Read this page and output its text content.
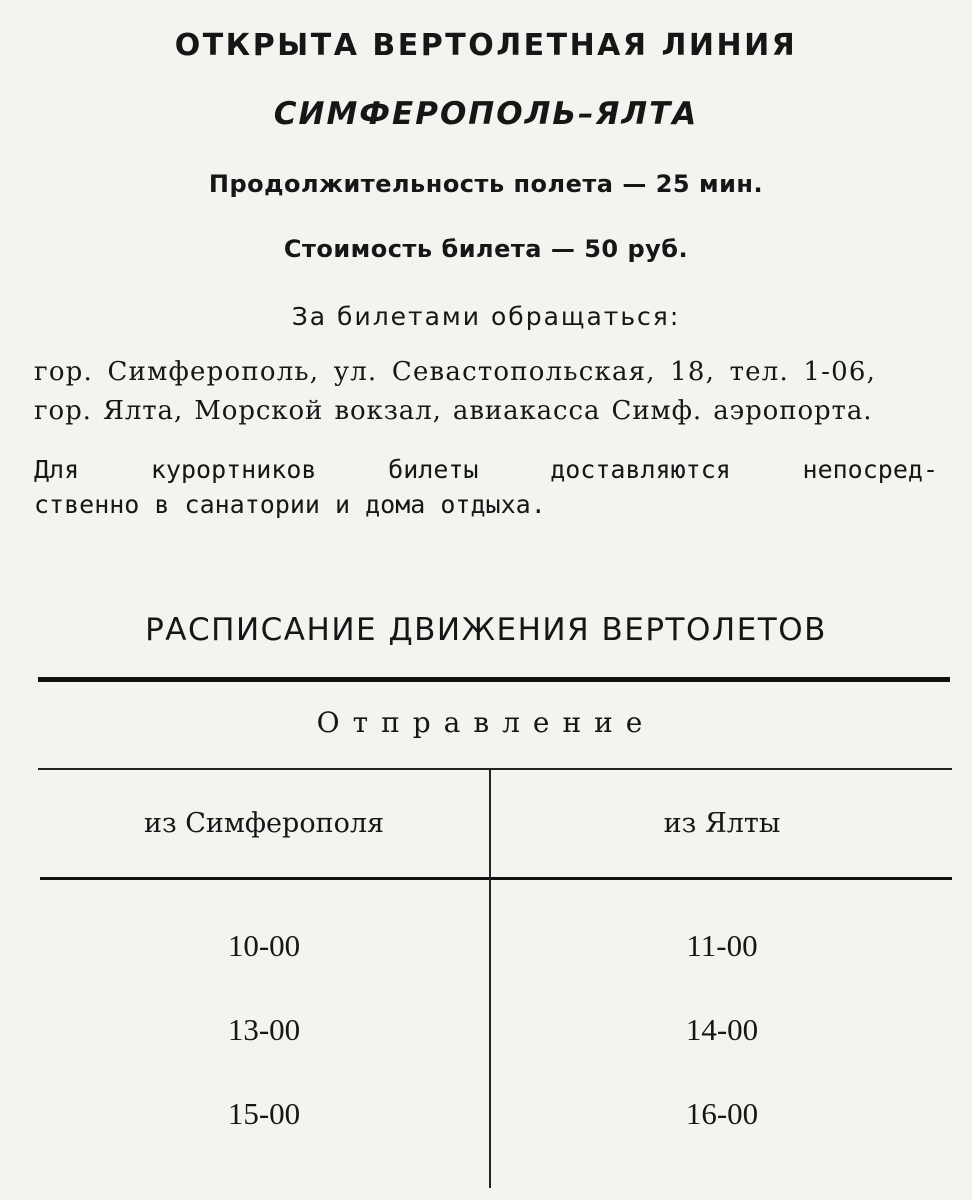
ОТКРЫТА ВЕРТОЛЕТНАЯ ЛИНИЯ
СИМФЕРОПОЛЬ–ЯЛТА
Продолжительность полета — 25 мин.
Стоимость билета — 50 руб.
За билетами обращаться:
гор. Симферополь, ул. Севастопольская, 18, тел. 1-06,
гор. Ялта, Морской вокзал, авиакасса Симф. аэропорта.
Для курортников билеты доставляются непосред-
ственно в санатории и дома отдыха.
РАСПИСАНИЕ ДВИЖЕНИЯ ВЕРТОЛЕТОВ
Отправление
из Симферополя	из Ялты
10-00	11-00
13-00	14-00
15-00	16-00
